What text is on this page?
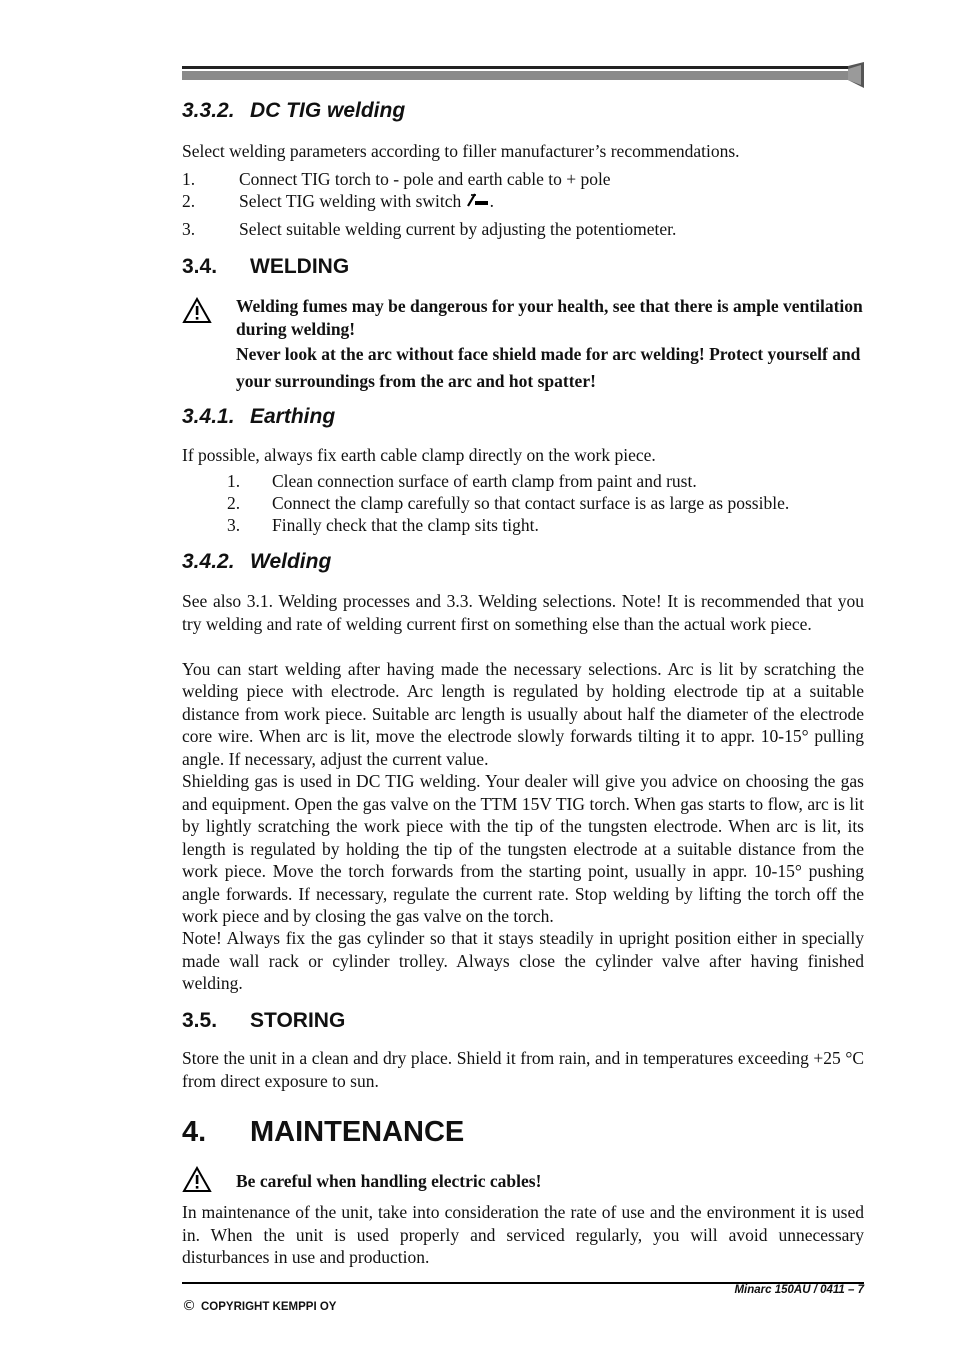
3.3.2. DC TIG welding
Select welding parameters according to filler manufacturer’s recommendations.
1.	Connect TIG torch to - pole and earth cable to + pole
2.	Select TIG welding with switch .
3.	Select suitable welding current by adjusting the potentiometer.
3.4. WELDING
Welding fumes may be dangerous for your health, see that there is ample ventilation during welding!
Never look at the arc without face shield made for arc welding! Protect yourself and your surroundings from the arc and hot spatter!
3.4.1. Earthing
If possible, always fix earth cable clamp directly on the work piece.
1. Clean connection surface of earth clamp from paint and rust.
2. Connect the clamp carefully so that contact surface is as large as possible.
3. Finally check that the clamp sits tight.
3.4.2. Welding
See also 3.1. Welding processes and 3.3. Welding selections. Note! It is recommended that you try welding and rate of welding current first on something else than the actual work piece.
You can start welding after having made the necessary selections. Arc is lit by scratching the welding piece with electrode. Arc length is regulated by holding electrode tip at a suitable distance from work piece. Suitable arc length is usually about half the diameter of the electrode core wire. When arc is lit, move the electrode slowly forwards tilting it to appr. 10-15° pulling angle. If necessary, adjust the current value.
Shielding gas is used in DC TIG welding. Your dealer will give you advice on choosing the gas and equipment. Open the gas valve on the TTM 15V TIG torch. When gas starts to flow, arc is lit by lightly scratching the work piece with the tip of the tungsten electrode. When arc is lit, its length is regulated by holding the tip of the tungsten electrode at a suitable distance from the work piece. Move the torch forwards from the starting point, usually in appr. 10-15° pushing angle forwards. If necessary, regulate the current rate. Stop welding by lifting the torch off the work piece and by closing the gas valve on the torch.
Note! Always fix the gas cylinder so that it stays steadily in upright position either in specially made wall rack or cylinder trolley. Always close the cylinder valve after having finished welding.
3.5. STORING
Store the unit in a clean and dry place. Shield it from rain, and in temperatures exceeding +25 °C from direct exposure to sun.
4. MAINTENANCE
Be careful when handling electric cables!
In maintenance of the unit, take into consideration the rate of use and the environment it is used in. When the unit is used properly and serviced regularly, you will avoid unnecessary disturbances in use and production.
Minarc 150AU / 0411 – 7
© COPYRIGHT KEMPPI OY
